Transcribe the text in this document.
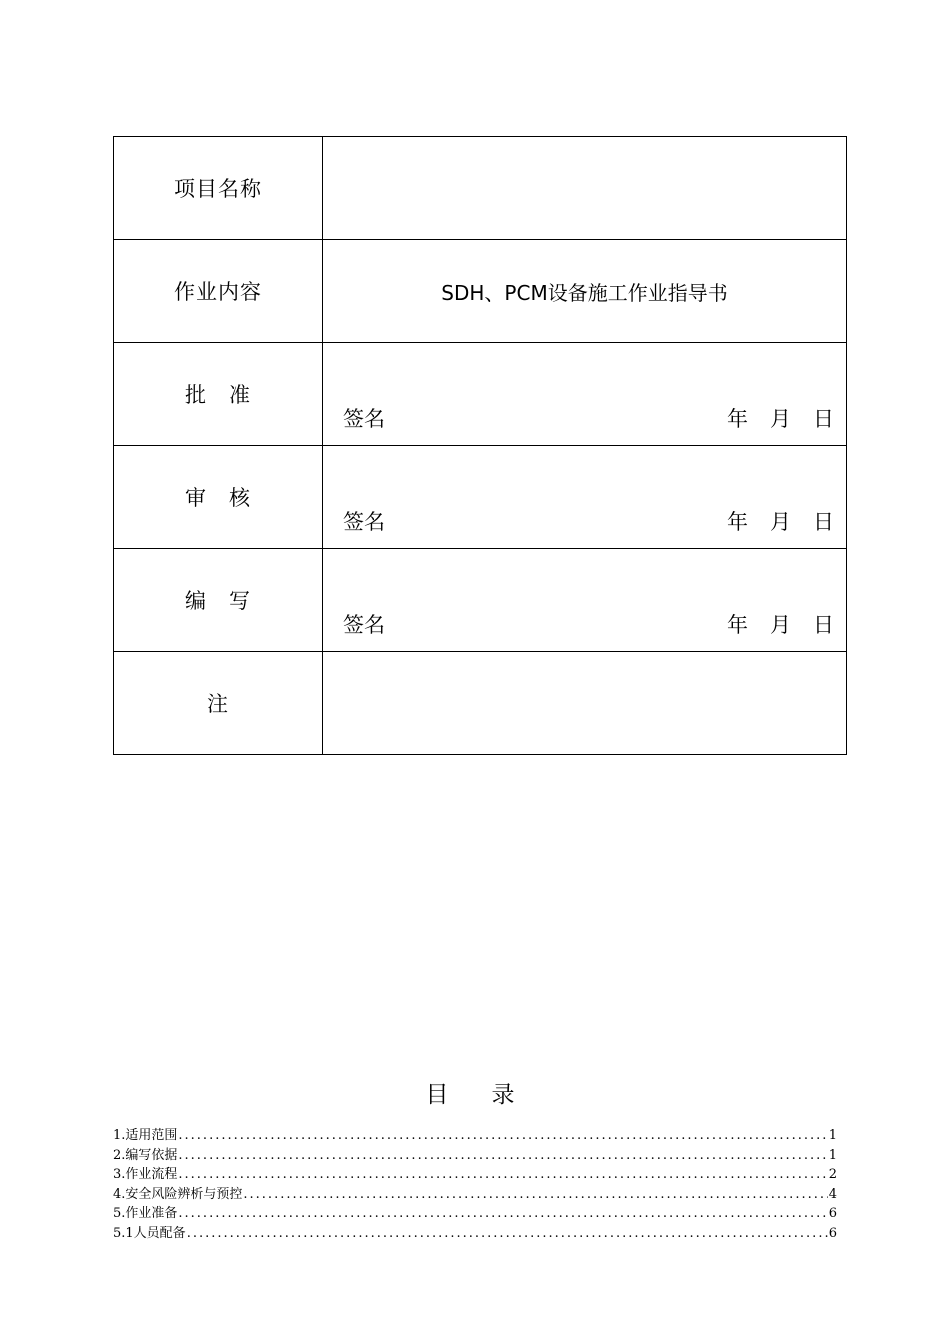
项目名称	
作业内容	SDH、PCM设备施工作业指导书
批　准	签名 年 月 日

审　核	签名 年 月 日

编　写	签名 年 月 日

注	
目　录
1.适用范围 .....	1
2.编写依据 .....	1
3.作业流程 .....	2
4.安全风险辨析与预控 .....	4
5.作业准备 .....	6
5.1人员配备 .....	6
